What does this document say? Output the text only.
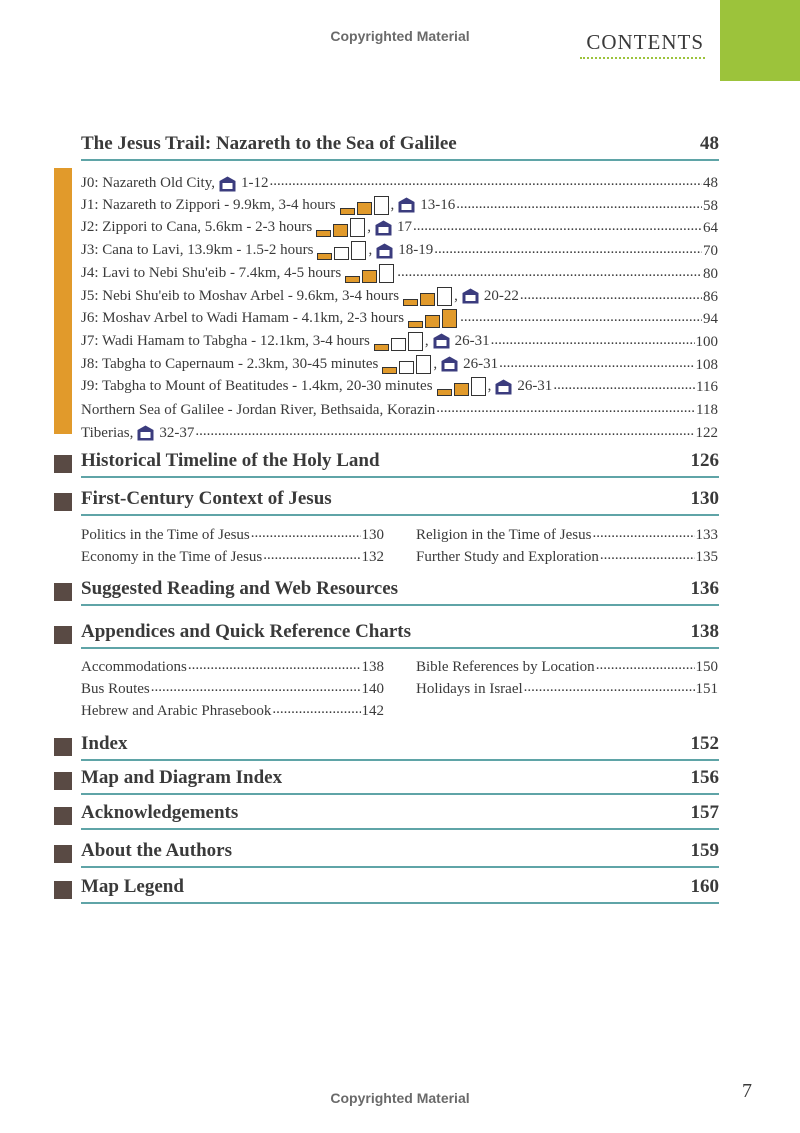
Copyrighted Material	CONTENTS
The Jesus Trail: Nazareth to the Sea of Galilee	48
J0: Nazareth Old City, 1-12 .....	48
J1: Nazareth to Zippori - 9.9km, 3-4 hours	, 13-16 .....	58
J2: Zippori to Cana, 5.6km - 2-3 hours	, 17 .....	64
J3: Cana to Lavi, 13.9km - 1.5-2 hours	, 18-19 .....	70
J4: Lavi to Nebi Shu'eib - 7.4km, 4-5 hours .....	80
J5: Nebi Shu'eib to Moshav Arbel - 9.6km, 3-4 hours	, 20-22 .....	86
J6: Moshav Arbel to Wadi Hamam - 4.1km, 2-3 hours .....	94
J7: Wadi Hamam to Tabgha - 12.1km, 3-4 hours	, 26-31 .....	100
J8: Tabgha to Capernaum - 2.3km, 30-45 minutes	, 26-31 .....	108
J9: Tabgha to Mount of Beatitudes - 1.4km, 20-30 minutes	, 26-31 .....	116
Northern Sea of Galilee - Jordan River, Bethsaida, Korazin .....	118
Tiberias, 32-37 .....	122
Historical Timeline of the Holy Land	126
First-Century Context of Jesus	130
Politics in the Time of Jesus .....	130
Economy in the Time of Jesus .....	132
Religion in the Time of Jesus .....	133
Further Study and Exploration .....	135
Suggested Reading and Web Resources	136
Appendices and Quick Reference Charts	138
Accommodations .....	138
Bus Routes .....	140
Hebrew and Arabic Phrasebook .....	142
Bible References by Location .....	150
Holidays in Israel .....	151
Index	152
Map and Diagram Index	156
Acknowledgements	157
About the Authors	159
Map Legend	160
Copyrighted Material	7
